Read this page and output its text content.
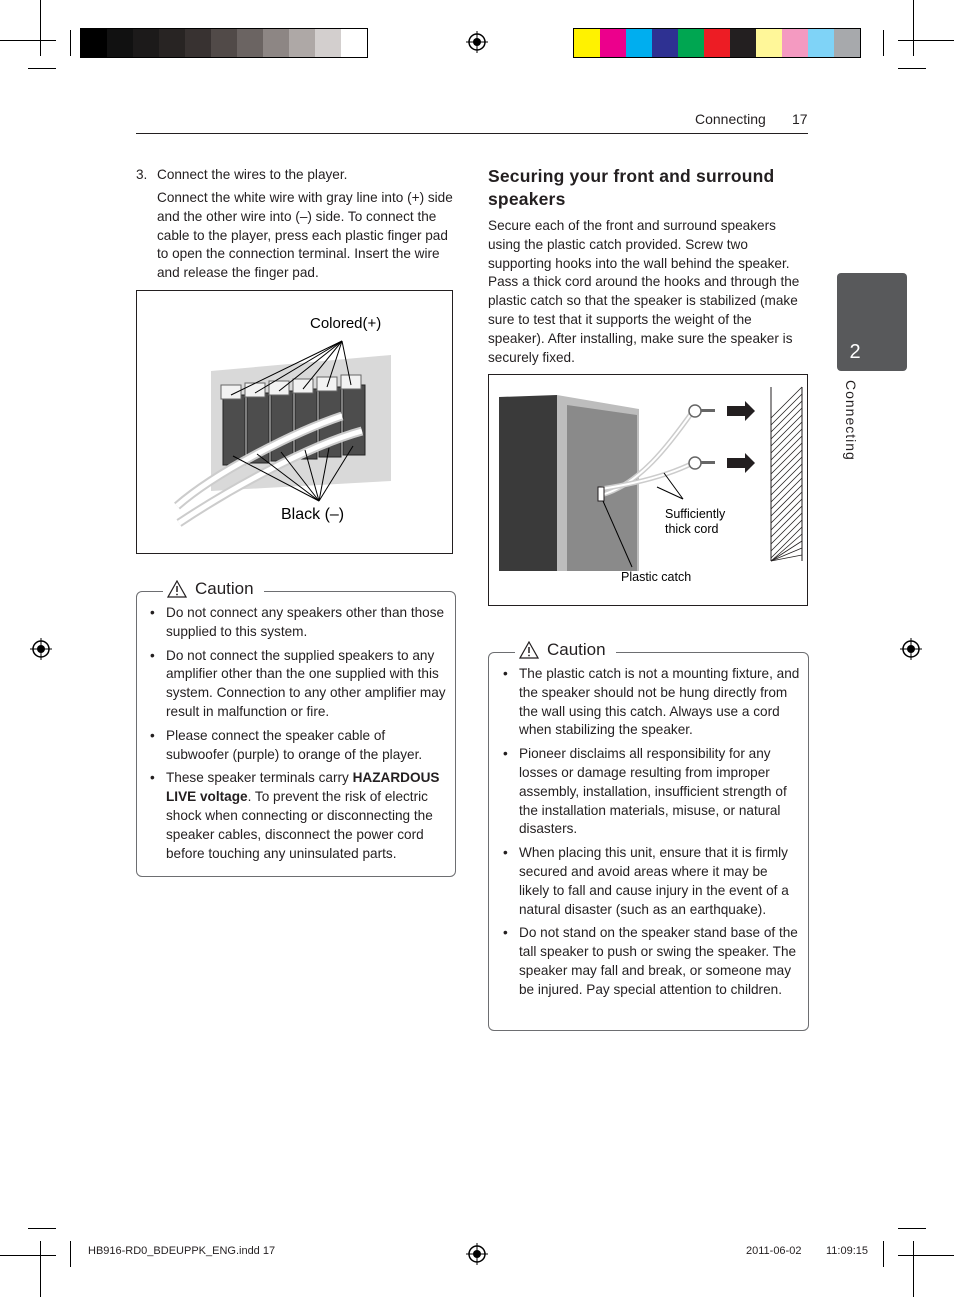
Connecting 17
2
Connecting
3. Connect the wires to the player.
Connect the white wire with gray line into (+) side and the other wire into (–) side. To connect the cable to the player, press each plastic finger pad to open the connection terminal. Insert the wire and release the finger pad.
Colored(+)
Black (–)
Caution
• Do not connect any speakers other than those supplied to this system.
• Do not connect the supplied speakers to any amplifier other than the one supplied with this system. Connection to any other amplifier may result in malfunction or fire.
• Please connect the speaker cable of subwoofer (purple) to orange of the player.
• These speaker terminals carry HAZARDOUS LIVE voltage. To prevent the risk of electric shock when connecting or disconnecting the speaker cables, disconnect the power cord before touching any uninsulated parts.
Securing your front and surround speakers
Secure each of the front and surround speakers using the plastic catch provided. Screw two supporting hooks into the wall behind the speaker. Pass a thick cord around the hooks and through the plastic catch so that the speaker is stabilized (make sure to test that it supports the weight of the speaker). After installing, make sure the speaker is securely fixed.
Sufficiently
thick cord
Plastic catch
Caution
• The plastic catch is not a mounting fixture, and the speaker should not be hung directly from the wall using this catch. Always use a cord when stabilizing the speaker.
• Pioneer disclaims all responsibility for any losses or damage resulting from improper assembly, installation, insufficient strength of the installation materials, misuse, or natural disasters.
• When placing this unit, ensure that it is firmly secured and avoid areas where it may be likely to fall and cause injury in the event of a natural disaster (such as an earthquake).
• Do not stand on the speaker stand base of the tall speaker to push or swing the speaker. The speaker may fall and break, or someone may be injured. Pay special attention to children.
HB916-RD0_BDEUPPK_ENG.indd 17	2011-06-02 11:09:15
